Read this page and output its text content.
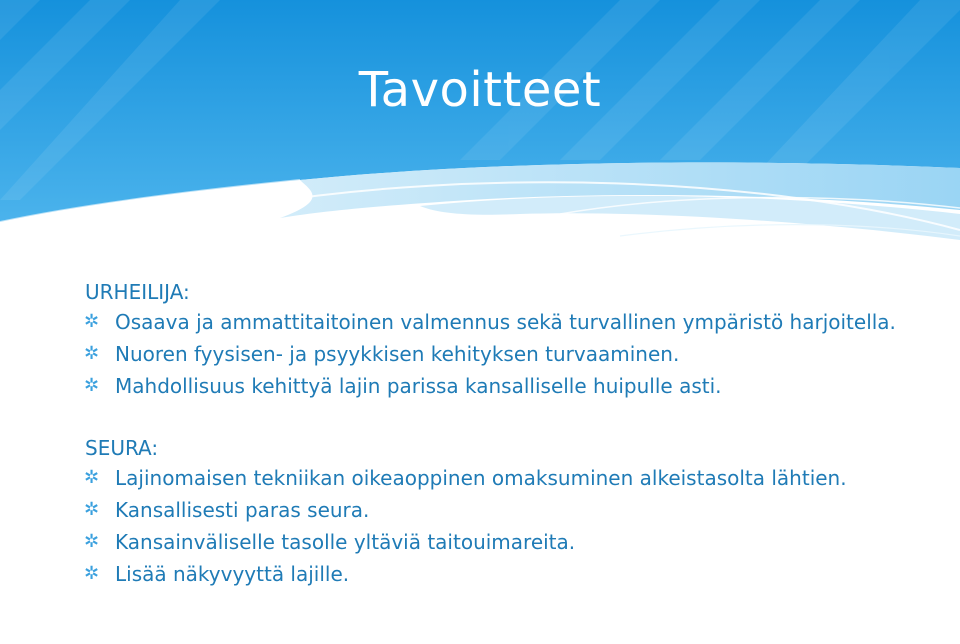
Tavoitteet
URHEILIJA:
✲ Osaava ja ammattitaitoinen valmennus sekä turvallinen ympäristö harjoitella.
✲ Nuoren fyysisen- ja psyykkisen kehityksen turvaaminen.
✲ Mahdollisuus kehittyä lajin parissa kansalliselle huipulle asti.
SEURA:
✲ Lajinomaisen tekniikan oikeaoppinen omaksuminen alkeistasolta lähtien.
✲ Kansallisesti paras seura.
✲ Kansainväliselle tasolle yltäviä taitouimareita.
✲ Lisää näkyvyyttä lajille.
